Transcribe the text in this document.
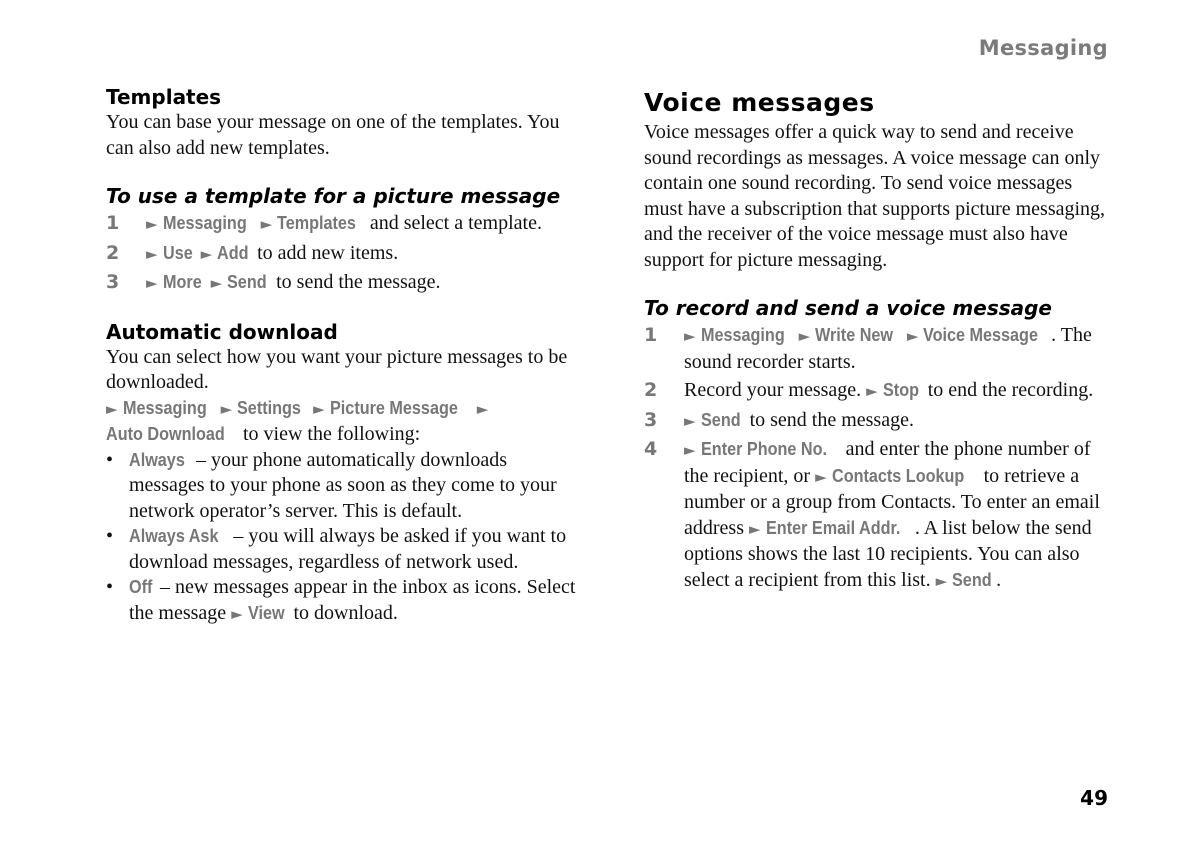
Messaging
Templates

You can base your message on one of the templates. You can also add new templates.

To use a template for a picture message
1 ► Messaging ► Templates and select a template.
2 ► Use ► Add to add new items.
3 ► More ► Send to send the message.
Automatic download

You can select how you want your picture messages to be downloaded.

► Messaging ► Settings ► Picture Message ► Auto Download to view the following:

• Always – your phone automatically downloads messages to your phone as soon as they come to your network operator’s server. This is default.
• Always Ask – you will always be asked if you want to download messages, regardless of network used.
• Off – new messages appear in the inbox as icons. Select the message ► View to download.
Voice messages

Voice messages offer a quick way to send and receive sound recordings as messages. A voice message can only contain one sound recording. To send voice messages must have a subscription that supports picture messaging, and the receiver of the voice message must also have support for picture messaging.

To record and send a voice message
1 ► Messaging ► Write New ► Voice Message . The sound recorder starts.
2 Record your message. ► Stop to end the recording.
3 ► Send to send the message.
4 ► Enter Phone No. and enter the phone number of the recipient, or ► Contacts Lookup to retrieve a number or a group from Contacts. To enter an email address ► Enter Email Addr. . A list below the send options shows the last 10 recipients. You can also select a recipient from this list. ► Send .
49
